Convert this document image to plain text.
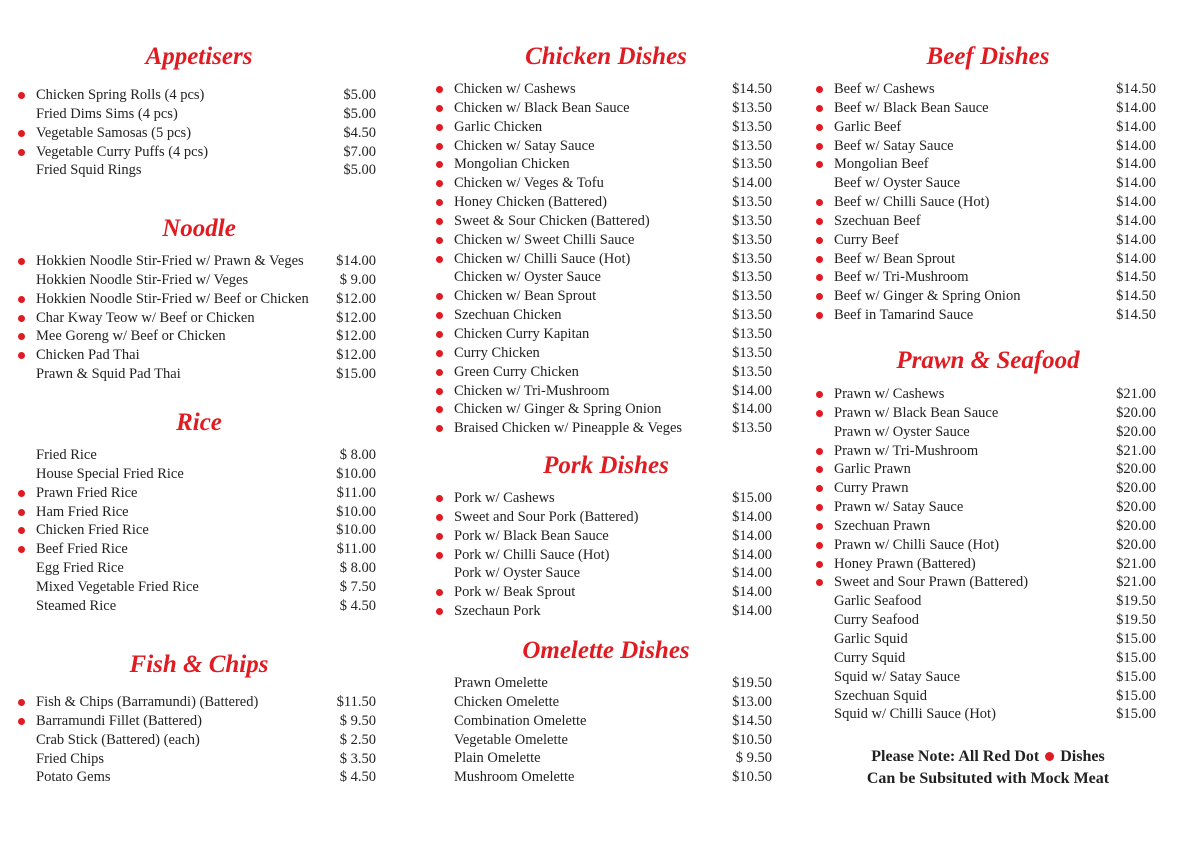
Appetisers
Chicken Spring Rolls (4 pcs)	$5.00
Fried Dims Sims (4 pcs)	$5.00
Vegetable Samosas (5 pcs)	$4.50
Vegetable Curry Puffs (4 pcs)	$7.00
Fried Squid Rings	$5.00
Noodle
Hokkien Noodle Stir-Fried w/ Prawn & Veges $14.00
Hokkien Noodle Stir-Fried w/ Veges	$ 9.00
Hokkien Noodle Stir-Fried w/ Beef or Chicken $12.00
Char Kway Teow w/ Beef or Chicken	$12.00
Mee Goreng w/ Beef or Chicken	$12.00
Chicken Pad Thai	$12.00
Prawn & Squid Pad Thai	$15.00
Rice
Fried Rice	$ 8.00
House Special Fried Rice	$10.00
Prawn Fried Rice	$11.00
Ham Fried Rice	$10.00
Chicken Fried Rice	$10.00
Beef Fried Rice	$11.00
Egg Fried Rice	$ 8.00
Mixed Vegetable Fried Rice	$ 7.50
Steamed Rice	$ 4.50
Fish & Chips
Fish & Chips (Barramundi) (Battered)	$11.50
Barramundi Fillet (Battered)	$ 9.50
Crab Stick (Battered) (each)	$ 2.50
Fried Chips	$ 3.50
Potato Gems	$ 4.50
Chicken Dishes
Chicken w/ Cashews	$14.50
Chicken w/ Black Bean Sauce	$13.50
Garlic Chicken	$13.50
Chicken w/ Satay Sauce	$13.50
Mongolian Chicken	$13.50
Chicken w/ Veges & Tofu	$14.00
Honey Chicken (Battered)	$13.50
Sweet & Sour Chicken (Battered)	$13.50
Chicken w/ Sweet Chilli Sauce	$13.50
Chicken w/ Chilli Sauce (Hot)	$13.50
Chicken w/ Oyster Sauce	$13.50
Chicken w/ Bean Sprout	$13.50
Szechuan Chicken	$13.50
Chicken Curry Kapitan	$13.50
Curry Chicken	$13.50
Green Curry Chicken	$13.50
Chicken w/ Tri-Mushroom	$14.00
Chicken w/ Ginger & Spring Onion	$14.00
Braised Chicken w/ Pineapple & Veges	$13.50
Pork Dishes
Pork w/ Cashews	$15.00
Sweet and Sour Pork (Battered)	$14.00
Pork w/ Black Bean Sauce	$14.00
Pork w/ Chilli Sauce (Hot)	$14.00
Pork w/ Oyster Sauce	$14.00
Pork w/ Beak Sprout	$14.00
Szechaun Pork	$14.00
Omelette Dishes
Prawn Omelette	$19.50
Chicken Omelette	$13.00
Combination Omelette	$14.50
Vegetable Omelette	$10.50
Plain Omelette	$ 9.50
Mushroom Omelette	$10.50
Beef Dishes
Beef w/ Cashews	$14.50
Beef w/ Black Bean Sauce	$14.00
Garlic Beef	$14.00
Beef w/ Satay Sauce	$14.00
Mongolian Beef	$14.00
Beef w/ Oyster Sauce	$14.00
Beef w/ Chilli Sauce (Hot)	$14.00
Szechuan Beef	$14.00
Curry Beef	$14.00
Beef w/ Bean Sprout	$14.00
Beef w/ Tri-Mushroom	$14.50
Beef w/ Ginger & Spring Onion	$14.50
Beef in Tamarind Sauce	$14.50
Prawn & Seafood
Prawn w/ Cashews	$21.00
Prawn w/ Black Bean Sauce	$20.00
Prawn w/ Oyster Sauce	$20.00
Prawn w/ Tri-Mushroom	$21.00
Garlic Prawn	$20.00
Curry Prawn	$20.00
Prawn w/ Satay Sauce	$20.00
Szechuan Prawn	$20.00
Prawn w/ Chilli Sauce (Hot)	$20.00
Honey Prawn (Battered)	$21.00
Sweet and Sour Prawn (Battered)	$21.00
Garlic Seafood	$19.50
Curry Seafood	$19.50
Garlic Squid	$15.00
Curry Squid	$15.00
Squid w/ Satay Sauce	$15.00
Szechuan Squid	$15.00
Squid w/ Chilli Sauce (Hot)	$15.00
Please Note: All Red Dot Dishes
Can be Subsituted with Mock Meat
